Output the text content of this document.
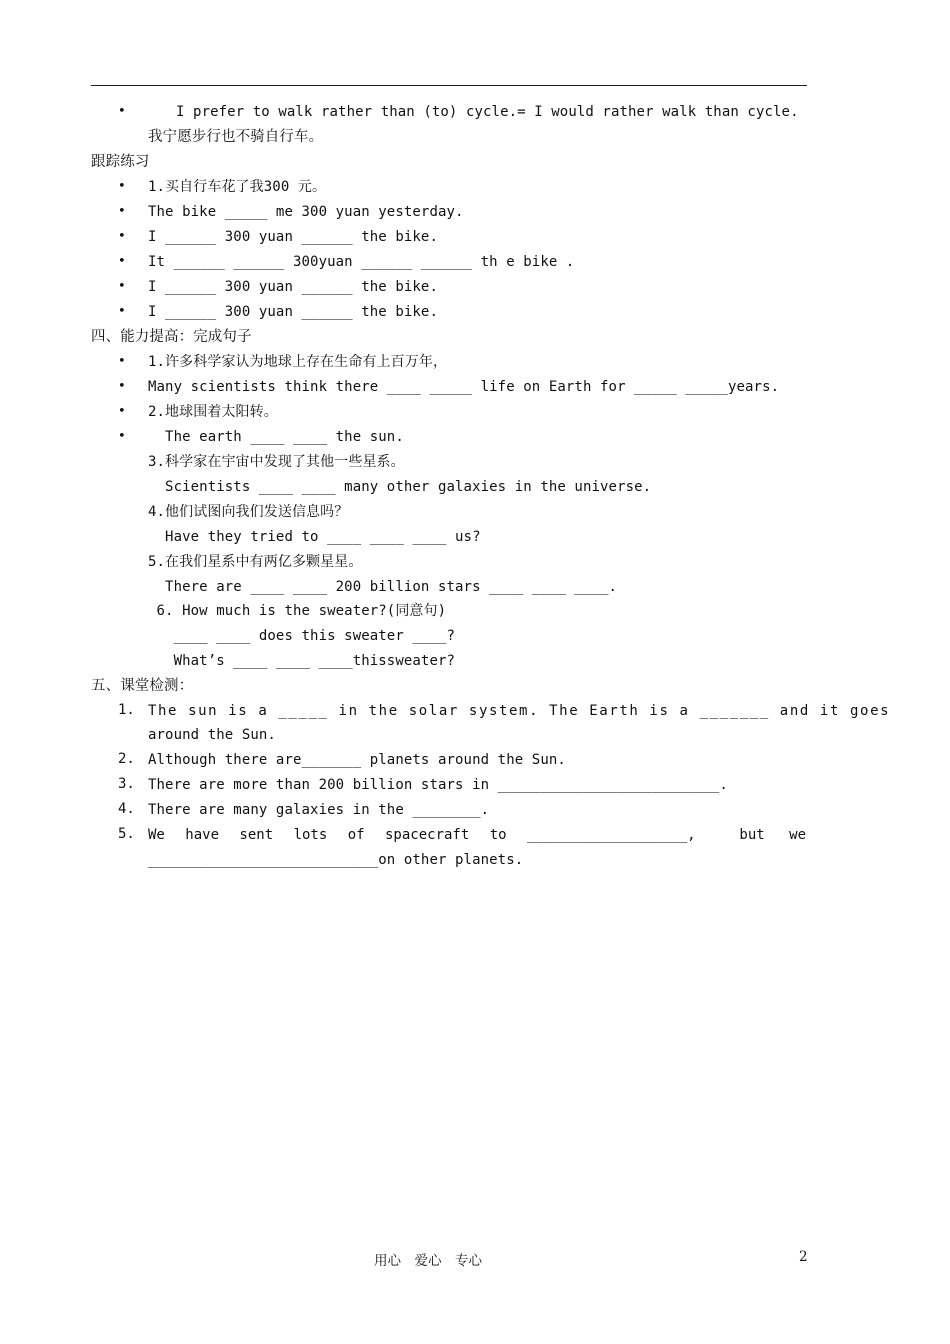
•	I prefer to walk rather than (to) cycle.= I would rather walk than cycle.
我宁愿步行也不骑自行车。
跟踪练习
• 1.买自行车花了我300 元。
• The bike _____ me 300 yuan yesterday.
• I ______ 300 yuan ______ the bike.
• It ______ ______ 300yuan ______ ______ th e bike .
• I ______ 300 yuan ______ the bike.
• I ______ 300 yuan ______ the bike.
四、能力提高：完成句子
• 1.许多科学家认为地球上存在生命有上百万年，
• Many scientists think there ____ _____ life on Earth for _____ _____years.
• 2.地球围着太阳转。
• The earth ____ ____ the sun.
3.科学家在宇宙中发现了其他一些星系。
Scientists ____ ____ many other galaxies in the universe.
4.他们试图向我们发送信息吗？
Have they tried to ____ ____ ____ us?
5.在我们星系中有两亿多颗星星。
There are ____ ____ 200 billion stars ____ ____ ____.
6. How much is the sweater?(同意句)
____ ____ does this sweater ____?
What’s ____ ____ ____thissweater?
五、课堂检测：
1. The sun is a _____ in the solar system. The Earth is a _______ and it goes
around the Sun.
2. Although there are_______ planets around the Sun.
3. There are more than 200 billion stars in __________________________.
4. There are many galaxies in the ________.
5. We have sent lots of spacecraft to ___________________,	but we
___________________________on other planets.
用心　爱心　专心	2
